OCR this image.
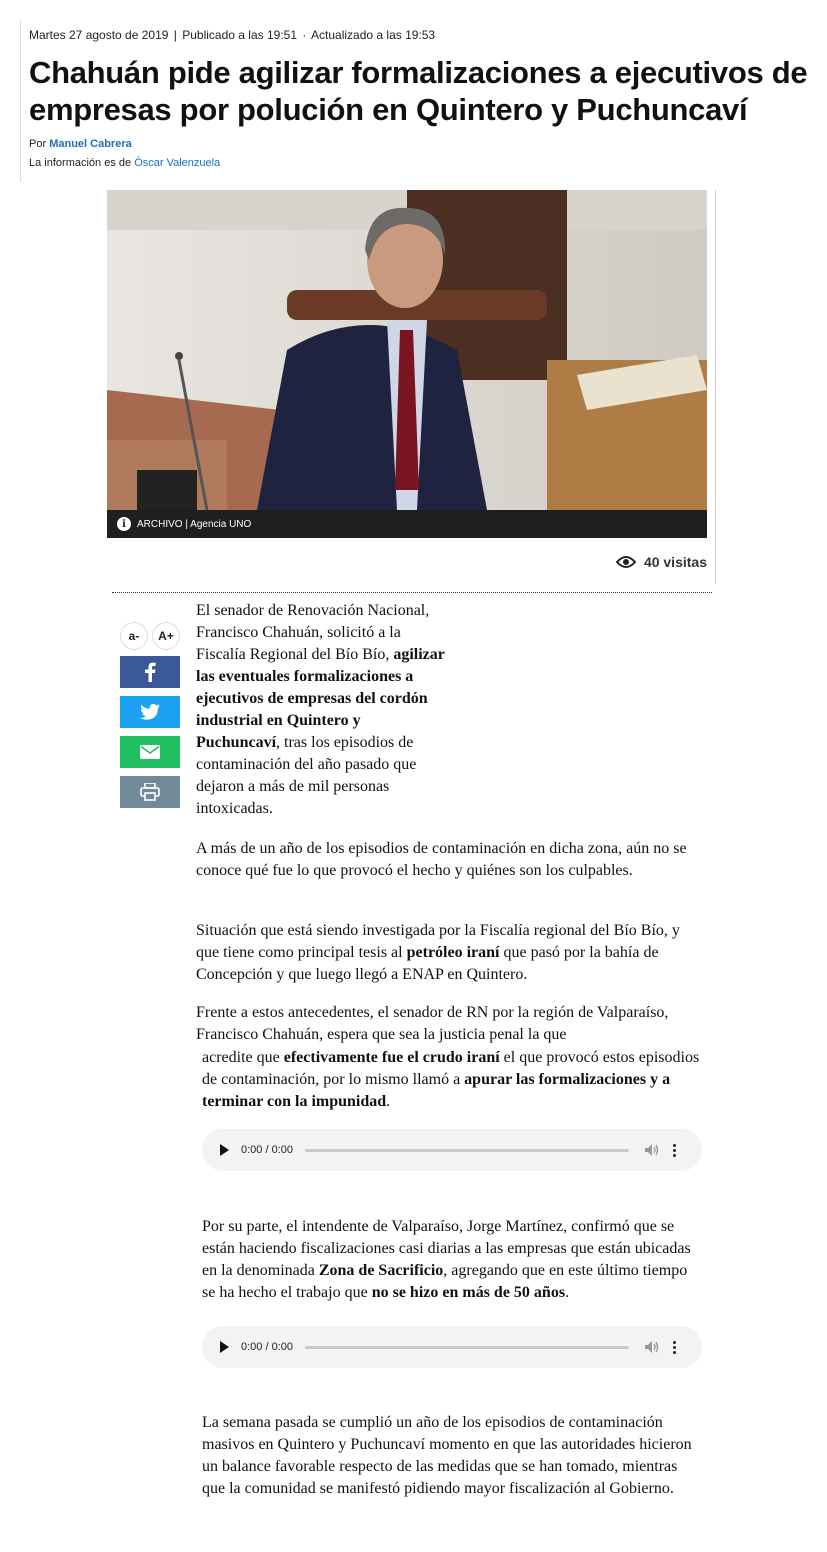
Martes 27 agosto de 2019 | Publicado a las 19:51 · Actualizado a las 19:53
Chahuán pide agilizar formalizaciones a ejecutivos de empresas por polución en Quintero y Puchuncaví
Por Manuel Cabrera
La información es de Óscar Valenzuela
i	ARCHIVO | Agencia UNO
40 visitas
a-	A+

El senador de Renovación Nacional, Francisco Chahuán, solicitó a la Fiscalía Regional del Bío Bío, agilizar las eventuales formalizaciones a ejecutivos de empresas del cordón industrial en Quintero y Puchuncaví, tras los episodios de contaminación del año pasado que dejaron a más de mil personas intoxicadas.

A más de un año de los episodios de contaminación en dicha zona, aún no se conoce qué fue lo que provocó el hecho y quiénes son los culpables.

Situación que está siendo investigada por la Fiscalía regional del Bío Bío, y que tiene como principal tesis al petróleo iraní que pasó por la bahía de Concepción y que luego llegó a ENAP en Quintero.

Frente a estos antecedentes, el senador de RN por la región de Valparaíso, Francisco Chahuán, espera que sea la justicia penal la que

acredite que efectivamente fue el crudo iraní el que provocó estos episodios de contaminación, por lo mismo llamó a apurar las formalizaciones y a terminar con la impunidad.

0:00 / 0:00

Por su parte, el intendente de Valparaíso, Jorge Martínez, confirmó que se están haciendo fiscalizaciones casi diarias a las empresas que están ubicadas en la denominada Zona de Sacrificio, agregando que en este último tiempo se ha hecho el trabajo que no se hizo en más de 50 años.

0:00 / 0:00

La semana pasada se cumplió un año de los episodios de contaminación masivos en Quintero y Puchuncaví momento en que las autoridades hicieron un balance favorable respecto de las medidas que se han tomado, mientras que la comunidad se manifestó pidiendo mayor fiscalización al Gobierno.
